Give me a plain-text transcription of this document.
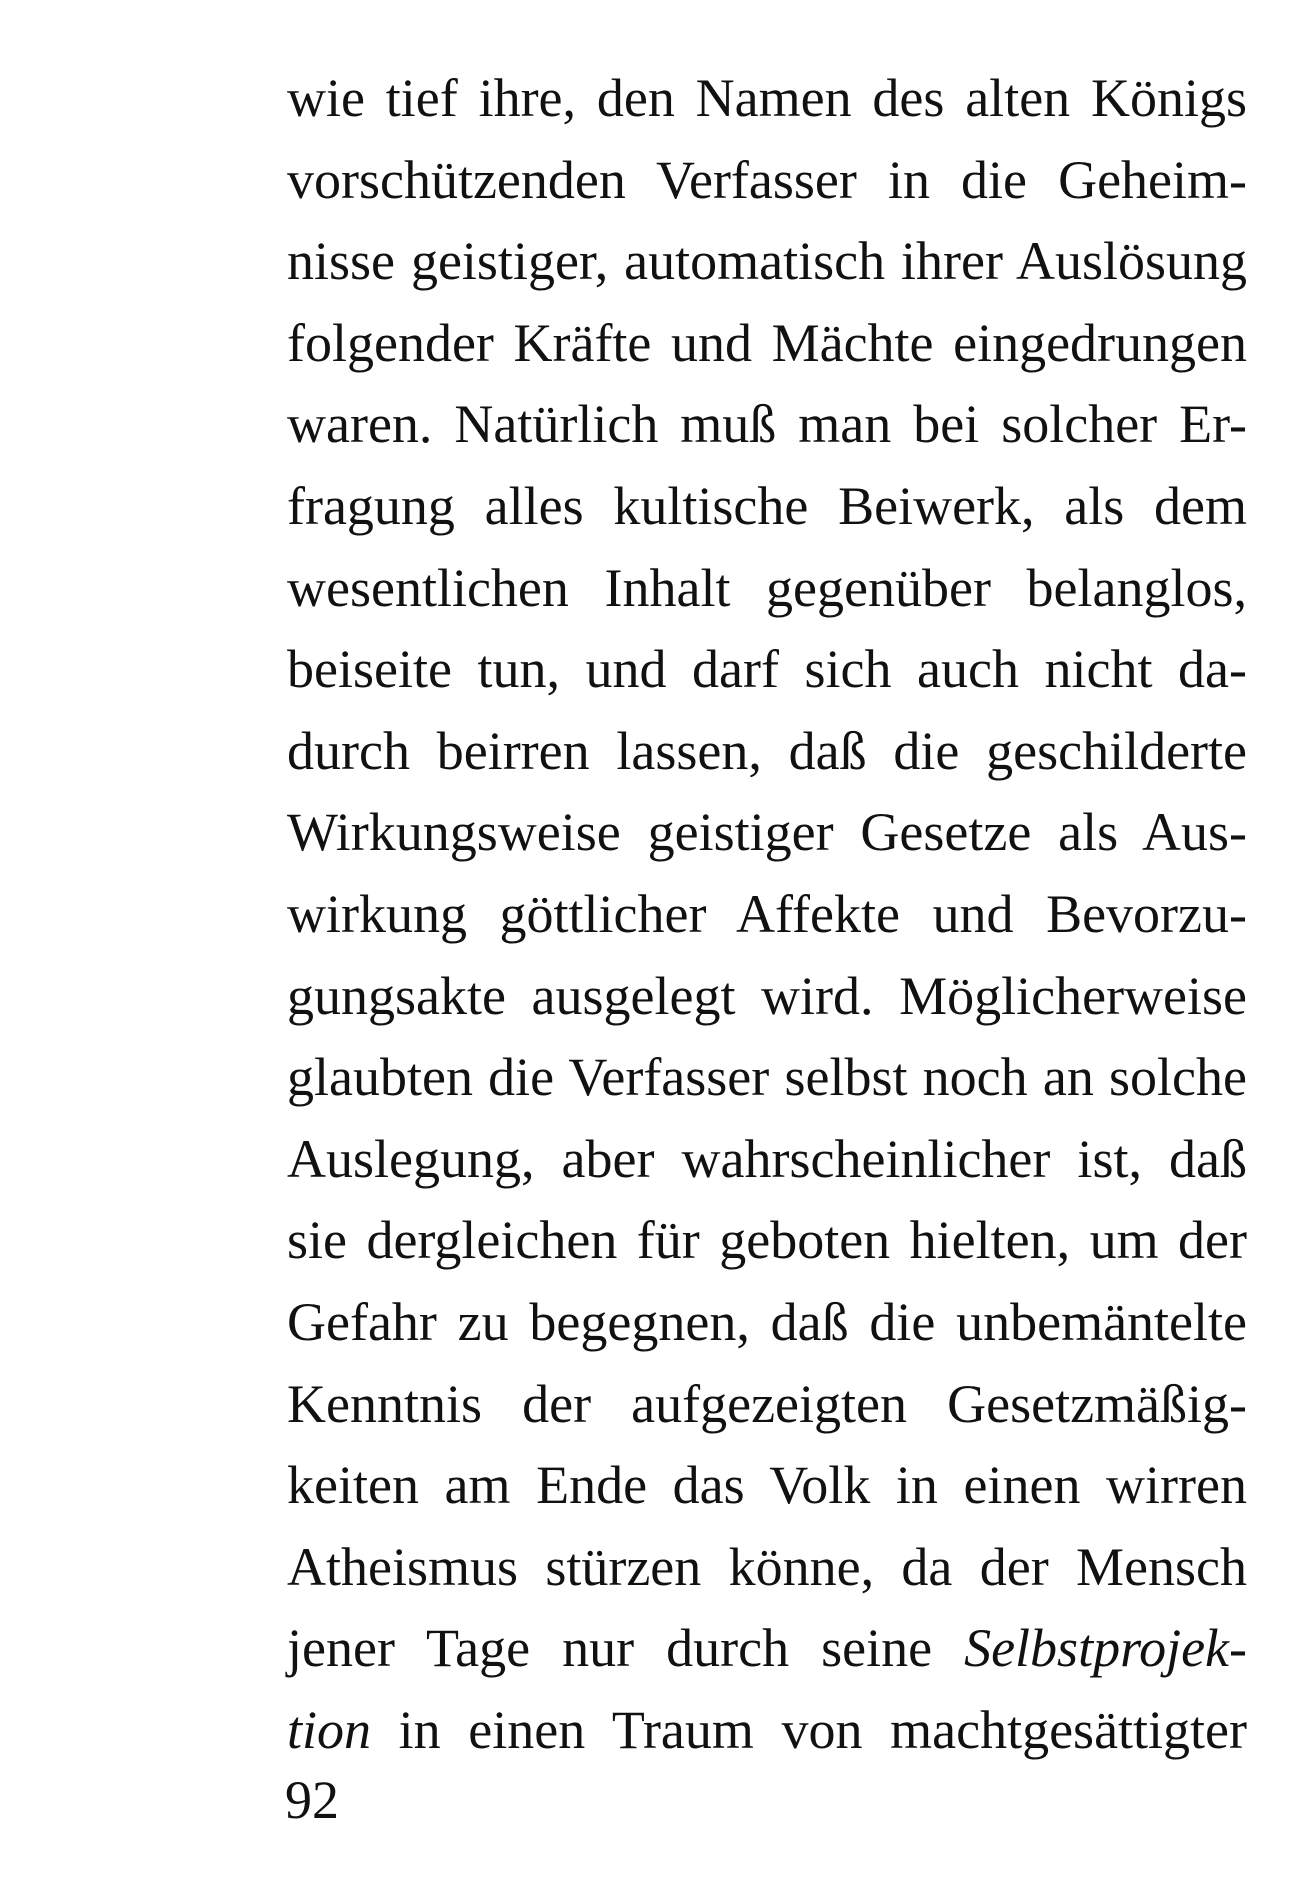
wie tief ihre, den Namen des alten Königs
vorschützenden Verfasser in die Geheim-
nisse geistiger, automatisch ihrer Auslösung
folgender Kräfte und Mächte eingedrungen
waren. Natürlich muß man bei solcher Er-
fragung alles kultische Beiwerk, als dem
wesentlichen Inhalt gegenüber belanglos,
beiseite tun, und darf sich auch nicht da-
durch beirren lassen, daß die geschilderte
Wirkungsweise geistiger Gesetze als Aus-
wirkung göttlicher Affekte und Bevorzu-
gungsakte ausgelegt wird. Möglicherweise
glaubten die Verfasser selbst noch an solche
Auslegung, aber wahrscheinlicher ist, daß
sie dergleichen für geboten hielten, um der
Gefahr zu begegnen, daß die unbemäntelte
Kenntnis der aufgezeigten Gesetzmäßig-
keiten am Ende das Volk in einen wirren
Atheismus stürzen könne, da der Mensch
jener Tage nur durch seine Selbstprojek-
tion in einen Traum von machtgesättigter
92
